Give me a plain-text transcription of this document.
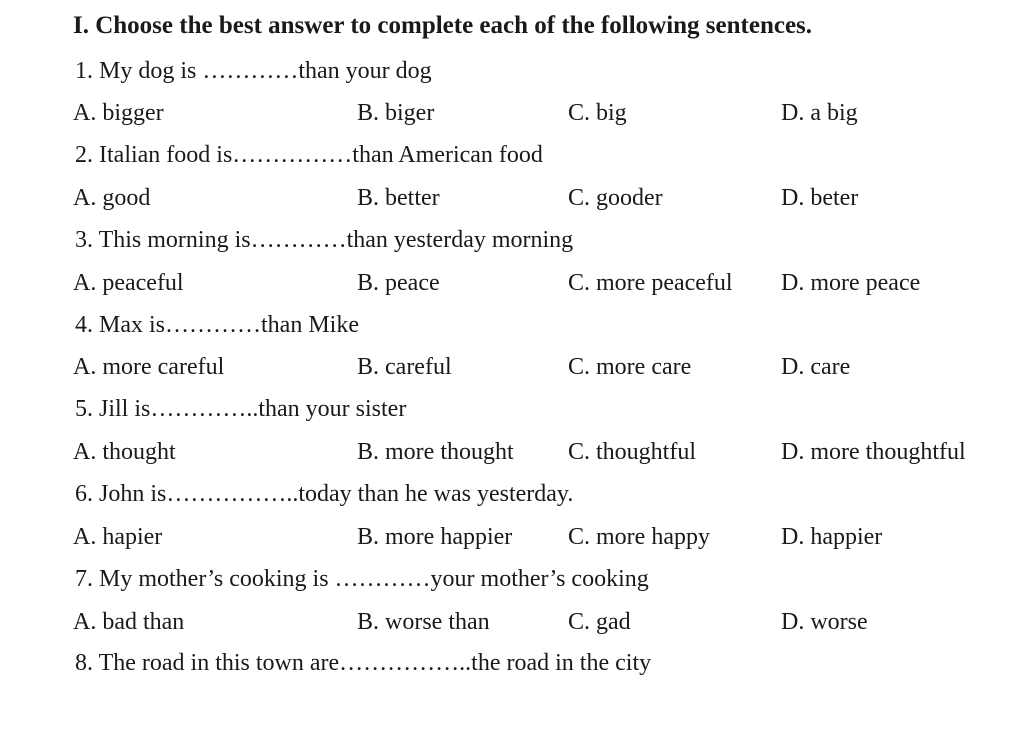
I. Choose the best answer to complete each of the following sentences.
1. My dog is …………than your dog
A. bigger	B. biger	C. big	D. a big
2. Italian food is……………than American food
A. good	B. better	C. gooder	D. beter
3. This morning is…………than yesterday morning
A. peaceful	B. peace	C. more peaceful D. more peace
4. Max is…………than Mike
A. more careful	B. careful	C. more care	D. care
5. Jill is…………..than your sister
A. thought	B. more thought C. thoughtful	D. more thoughtful
6. John is……………..today than he was yesterday.
A. hapier	B. more happier C. more happy	D. happier
7. My mother’s cooking is …………your mother’s cooking
A. bad than	B. worse than	C. gad	D. worse
8. The road in this town are……………..the road in the city
